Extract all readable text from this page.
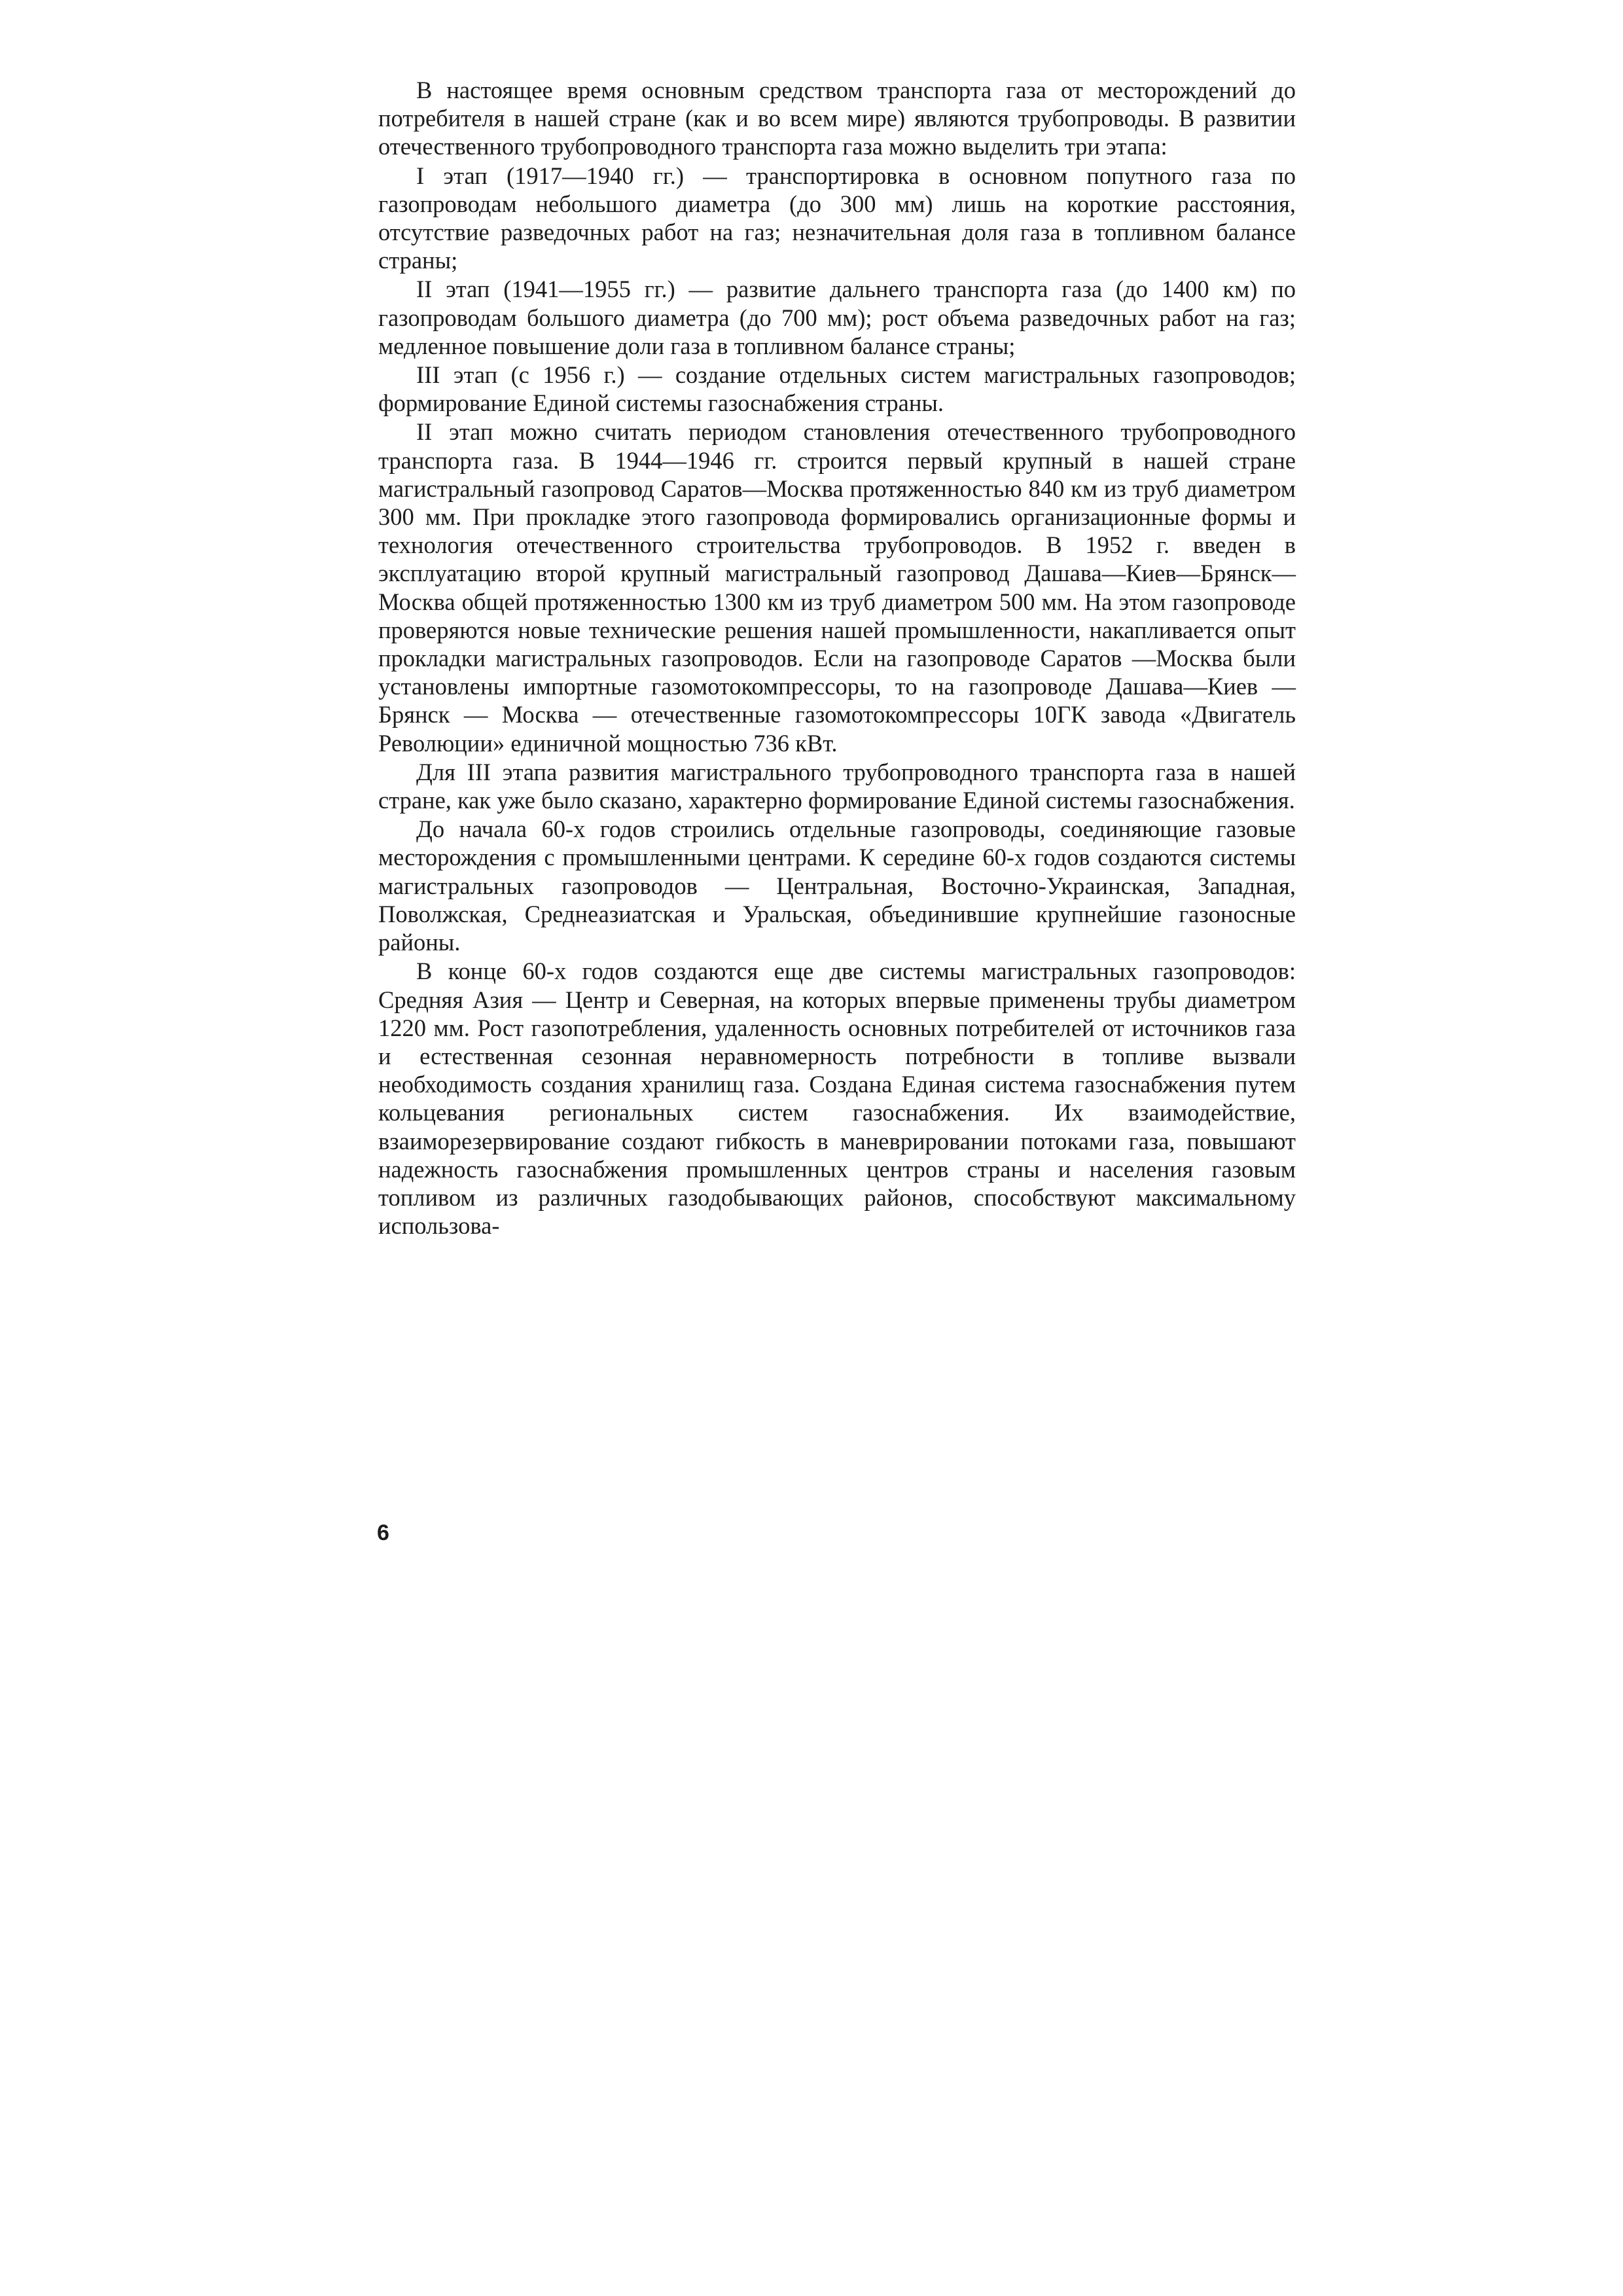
В настоящее время основным средством транспорта газа от месторождений до потребителя в нашей стране (как и во всем мире) являются трубопроводы. В развитии отечественного трубопроводного транспорта газа можно выделить три этапа:

I этап (1917—1940 гг.) — транспортировка в основном попутного газа по газопроводам небольшого диаметра (до 300 мм) лишь на короткие расстояния, отсутствие разведочных работ на газ; незначительная доля газа в топливном балансе страны;

II этап (1941—1955 гг.) — развитие дальнего транспорта газа (до 1400 км) по газопроводам большого диаметра (до 700 мм); рост объема разведочных работ на газ; медленное повышение доли газа в топливном балансе страны;

III этап (с 1956 г.) — создание отдельных систем магистральных газопроводов; формирование Единой системы газоснабжения страны.

II этап можно считать периодом становления отечественного трубопроводного транспорта газа. В 1944—1946 гг. строится первый крупный в нашей стране магистральный газопровод Саратов—Москва протяженностью 840 км из труб диаметром 300 мм. При прокладке этого газопровода формировались организационные формы и технология отечественного строительства трубопроводов. В 1952 г. введен в эксплуатацию второй крупный магистральный газопровод Дашава—Киев—Брянск—Москва общей протяженностью 1300 км из труб диаметром 500 мм. На этом газопроводе проверяются новые технические решения нашей промышленности, накапливается опыт прокладки магистральных газопроводов. Если на газопроводе Саратов —Москва были установлены импортные газомотокомпрессоры, то на газопроводе Дашава—Киев — Брянск — Москва — отечественные газомотокомпрессоры 10ГК завода «Двигатель Революции» единичной мощностью 736 кВт.

Для III этапа развития магистрального трубопроводного транспорта газа в нашей стране, как уже было сказано, характерно формирование Единой системы газоснабжения.

До начала 60-х годов строились отдельные газопроводы, соединяющие газовые месторождения с промышленными центрами. К середине 60-х годов создаются системы магистральных газопроводов — Центральная, Восточно-Украинская, Западная, Поволжская, Среднеазиатская и Уральская, объединившие крупнейшие газоносные районы.

В конце 60-х годов создаются еще две системы магистральных газопроводов: Средняя Азия — Центр и Северная, на которых впервые применены трубы диаметром 1220 мм. Рост газопотребления, удаленность основных потребителей от источников газа и естественная сезонная неравномерность потребности в топливе вызвали необходимость создания хранилищ газа. Создана Единая система газоснабжения путем кольцевания региональных систем газоснабжения. Их взаимодействие, взаиморезервирование создают гибкость в маневрировании потоками газа, повышают надежность газоснабжения промышленных центров страны и населения газовым топливом из различных газодобывающих районов, способствуют максимальному использова-

6
